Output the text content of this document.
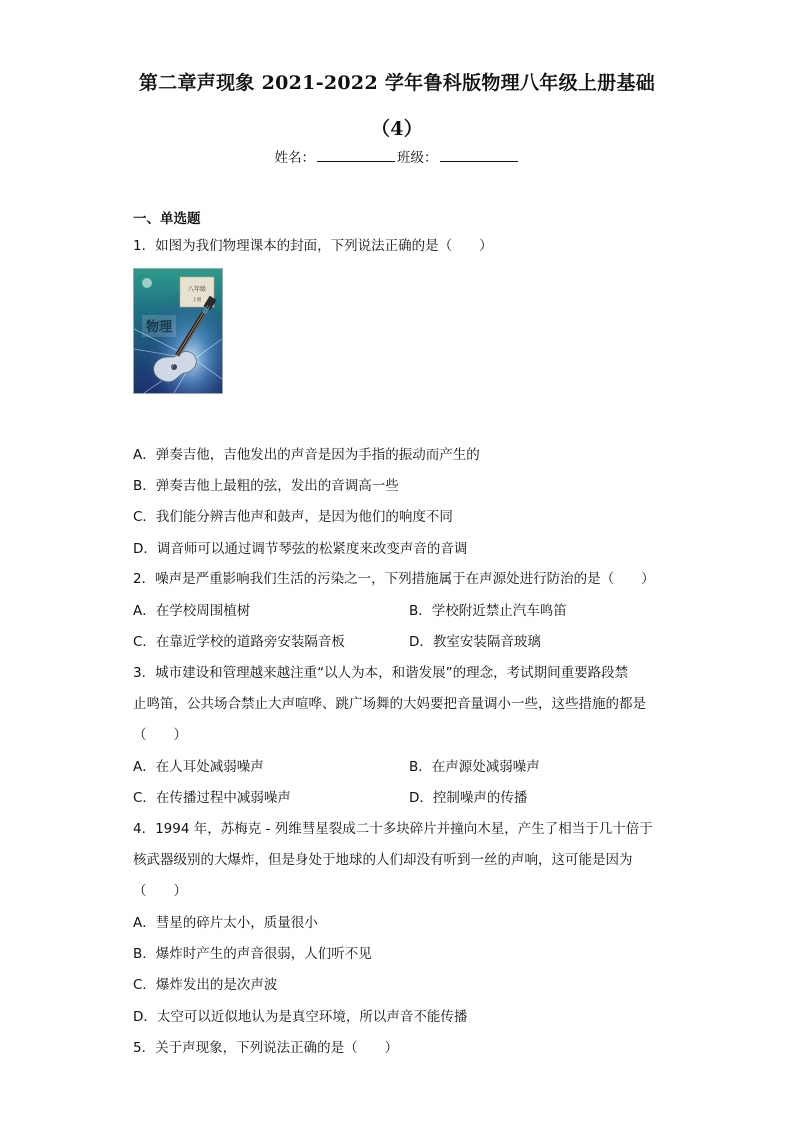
第二章声现象 2021-2022 学年鲁科版物理八年级上册基础
（4）
姓名：	班级：
一、单选题
1．如图为我们物理课本的封面，下列说法正确的是（　　）
八年级
上册
物理
A．弹奏吉他，吉他发出的声音是因为手指的振动而产生的
B．弹奏吉他上最粗的弦，发出的音调高一些
C．我们能分辨吉他声和鼓声，是因为他们的响度不同
D．调音师可以通过调节琴弦的松紧度来改变声音的音调
2．噪声是严重影响我们生活的污染之一，下列措施属于在声源处进行防治的是（　　）
A．在学校周围植树	B．学校附近禁止汽车鸣笛
C．在靠近学校的道路旁安装隔音板	D．教室安装隔音玻璃
3．城市建设和管理越来越注重“以人为本，和谐发展”的理念，考试期间重要路段禁
止鸣笛，公共场合禁止大声喧哗、跳广场舞的大妈要把音量调小一些，这些措施的都是
（　　）
A．在人耳处减弱噪声	B．在声源处减弱噪声
C．在传播过程中减弱噪声	D．控制噪声的传播
4．1994 年，苏梅克 - 列维彗星裂成二十多块碎片并撞向木星，产生了相当于几十倍于
核武器级别的大爆炸，但是身处于地球的人们却没有听到一丝的声响，这可能是因为
（　　）
A．彗星的碎片太小，质量很小
B．爆炸时产生的声音很弱，人们听不见
C．爆炸发出的是次声波
D．太空可以近似地认为是真空环境，所以声音不能传播
5．关于声现象，下列说法正确的是（　　）
